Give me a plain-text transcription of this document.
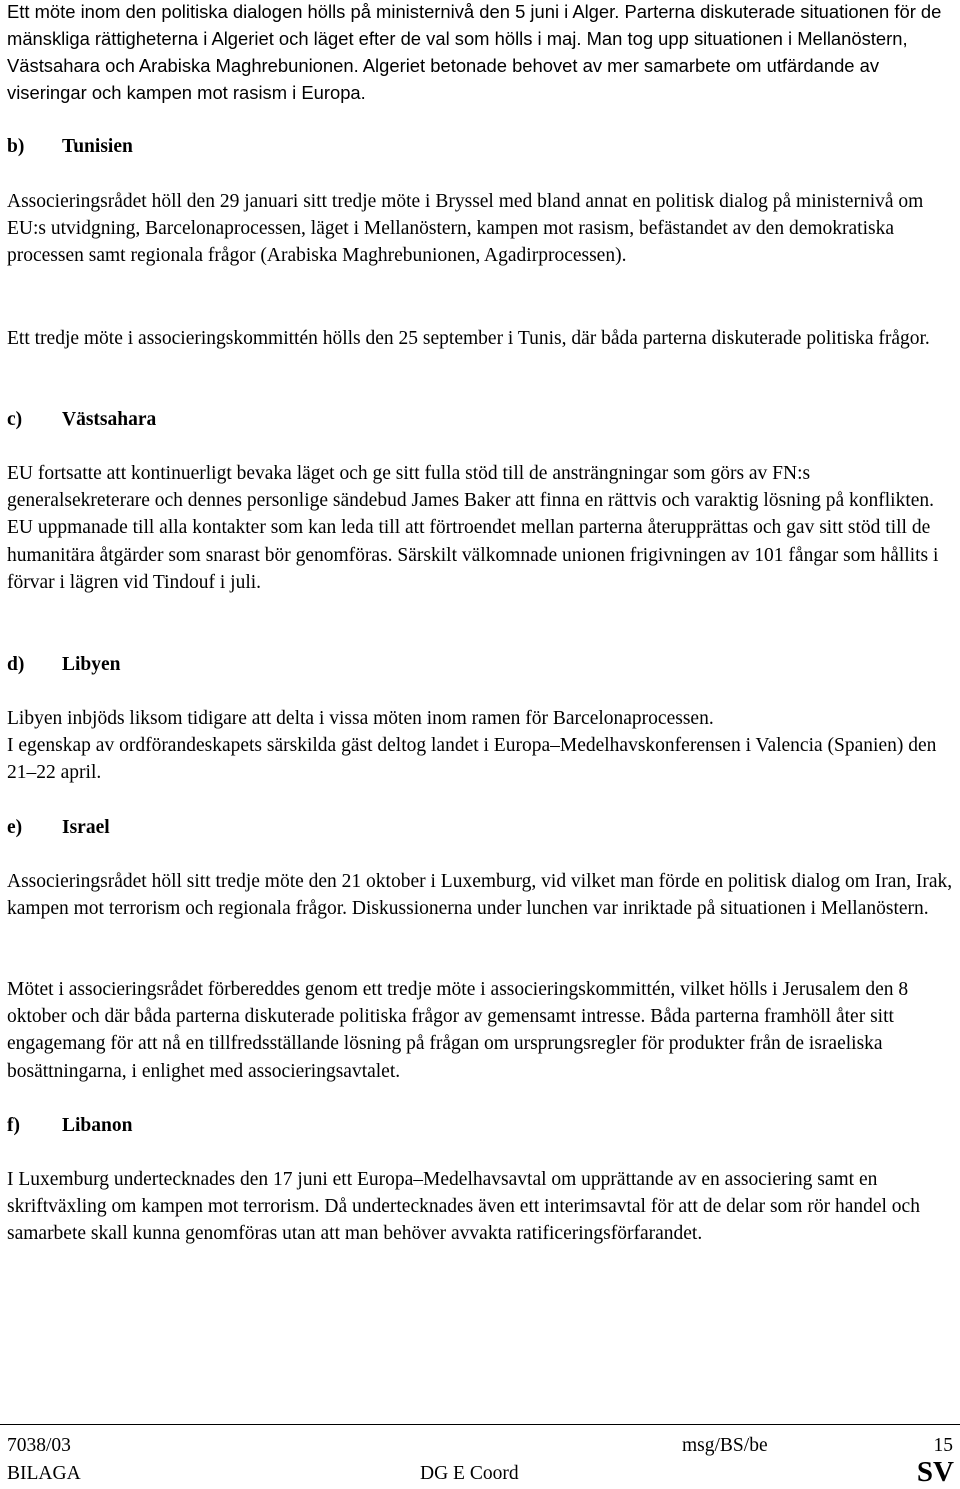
Ett möte inom den politiska dialogen hölls på ministernivå den 5 juni i Alger. Parterna diskuterade situationen för de mänskliga rättigheterna i Algeriet och läget efter de val som hölls i maj. Man tog upp situationen i Mellanöstern, Västsahara och Arabiska Maghrebunionen. Algeriet betonade behovet av mer samarbete om utfärdande av viseringar och kampen mot rasism i Europa.

b) Tunisien

Associeringsrådet höll den 29 januari sitt tredje möte i Bryssel med bland annat en politisk dialog på ministernivå om EU:s utvidgning, Barcelonaprocessen, läget i Mellanöstern, kampen mot rasism, befästandet av den demokratiska processen samt regionala frågor (Arabiska Maghrebunionen, Agadirprocessen).

Ett tredje möte i associeringskommittén hölls den 25 september i Tunis, där båda parterna diskuterade politiska frågor.

c) Västsahara

EU fortsatte att kontinuerligt bevaka läget och ge sitt fulla stöd till de ansträngningar som görs av FN:s generalsekreterare och dennes personlige sändebud James Baker att finna en rättvis och varaktig lösning på konflikten. EU uppmanade till alla kontakter som kan leda till att förtroendet mellan parterna återupprättas och gav sitt stöd till de humanitära åtgärder som snarast bör genomföras. Särskilt välkomnade unionen frigivningen av 101 fångar som hållits i förvar i lägren vid Tindouf i juli.

d) Libyen

Libyen inbjöds liksom tidigare att delta i vissa möten inom ramen för Barcelonaprocessen.

I egenskap av ordförandeskapets särskilda gäst deltog landet i Europa–Medelhavskonferensen i Valencia (Spanien) den 21–22 april.

e) Israel

Associeringsrådet höll sitt tredje möte den 21 oktober i Luxemburg, vid vilket man förde en politisk dialog om Iran, Irak, kampen mot terrorism och regionala frågor. Diskussionerna under lunchen var inriktade på situationen i Mellanöstern.

Mötet i associeringsrådet förbereddes genom ett tredje möte i associeringskommittén, vilket hölls i Jerusalem den 8 oktober och där båda parterna diskuterade politiska frågor av gemensamt intresse. Båda parterna framhöll åter sitt engagemang för att nå en tillfredsställande lösning på frågan om ursprungsregler för produkter från de israeliska bosättningarna, i enlighet med associeringsavtalet.

f) Libanon

I Luxemburg undertecknades den 17 juni ett Europa–Medelhavsavtal om upprättande av en associering samt en skriftväxling om kampen mot terrorism. Då undertecknades även ett interimsavtal för att de delar som rör handel och samarbete skall kunna genomföras utan att man behöver avvakta ratificeringsförfarandet.

7038/03	msg/BS/be	15
BILAGA	DG E Coord	SV
